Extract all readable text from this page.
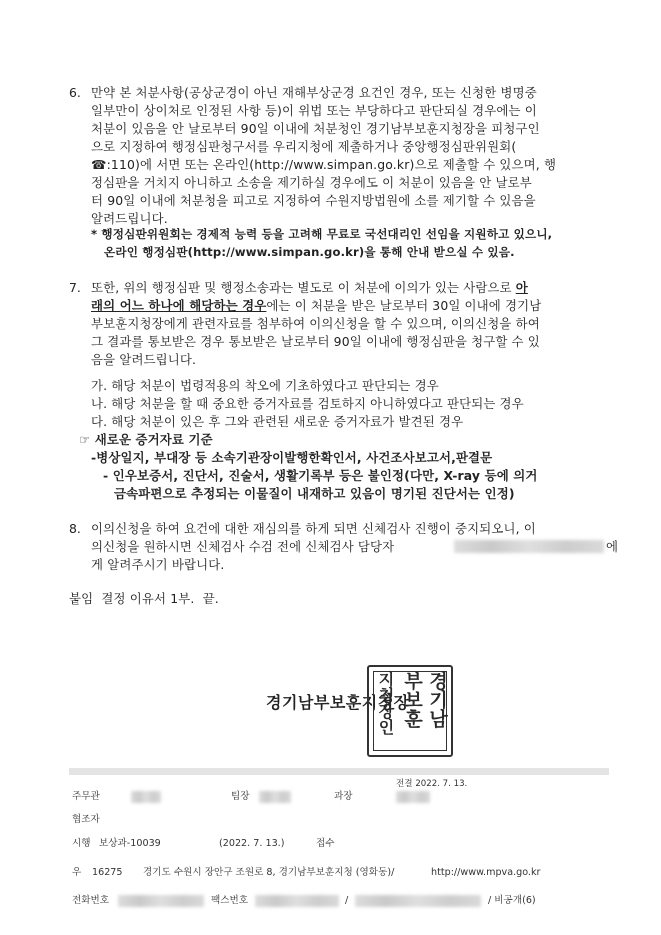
6. 만약 본 처분사항(공상군경이 아닌 재해부상군경 요건인 경우, 또는 신청한 병명중
일부만이 상이처로 인정된 사항 등)이 위법 또는 부당하다고 판단되실 경우에는 이
처분이 있음을 안 날로부터 90일 이내에 처분청인 경기남부보훈지청장을 피청구인
으로 지정하여 행정심판청구서를 우리지청에 제출하거나 중앙행정심판위원회(
☎:110)에 서면 또는 온라인(http://www.simpan.go.kr)으로 제출할 수 있으며, 행
정심판을 거치지 아니하고 소송을 제기하실 경우에도 이 처분이 있음을 안 날로부
터 90일 이내에 처분청을 피고로 지정하여 수원지방법원에 소를 제기할 수 있음을
알려드립니다.
* 행정심판위원회는 경제적 능력 등을 고려해 무료로 국선대리인 선임을 지원하고 있으니,
온라인 행정심판(http://www.simpan.go.kr)을 통해 안내 받으실 수 있음.
7. 또한, 위의 행정심판 및 행정소송과는 별도로 이 처분에 이의가 있는 사람으로 아
래의 어느 하나에 해당하는 경우에는 이 처분을 받은 날로부터 30일 이내에 경기남
부보훈지청장에게 관련자료를 첨부하여 이의신청을 할 수 있으며, 이의신청을 하여
그 결과를 통보받은 경우 통보받은 날로부터 90일 이내에 행정심판을 청구할 수 있
음을 알려드립니다.
가. 해당 처분이 법령적용의 착오에 기초하였다고 판단되는 경우
나. 해당 처분을 할 때 중요한 증거자료를 검토하지 아니하였다고 판단되는 경우
다. 해당 처분이 있은 후 그와 관련된 새로운 증거자료가 발견된 경우
☞ 새로운 증거자료 기준
-병상일지, 부대장 등 소속기관장이발행한확인서, 사건조사보고서,판결문
- 인우보증서, 진단서, 진술서, 생활기록부 등은 불인정(다만, X-ray 등에 의거
금속파편으로 추정되는 이물질이 내재하고 있음이 명기된 진단서는 인정)
8. 이의신청을 하여 요건에 대한 재심의를 하게 되면 신체검사 진행이 중지되오니, 이
의신청을 원하시면 신체검사 수검 전에 신체검사 담당자	에
게 알려주시기 바랍니다.
붙임  결정 이유서 1부.  끝.
경기남부보훈지청장 경기남
부보훈
지청장인
주무관	팀장	과장
전결 2022. 7. 13.
협조자
시행 보상과-10039	(2022. 7. 13.)	접수
우 16275 경기도 수원시 장안구 조원로 8, 경기남부보훈지청 (영화동)/	http://www.mpva.go.kr
전화번호	팩스번호	/	/ 비공개(6)
